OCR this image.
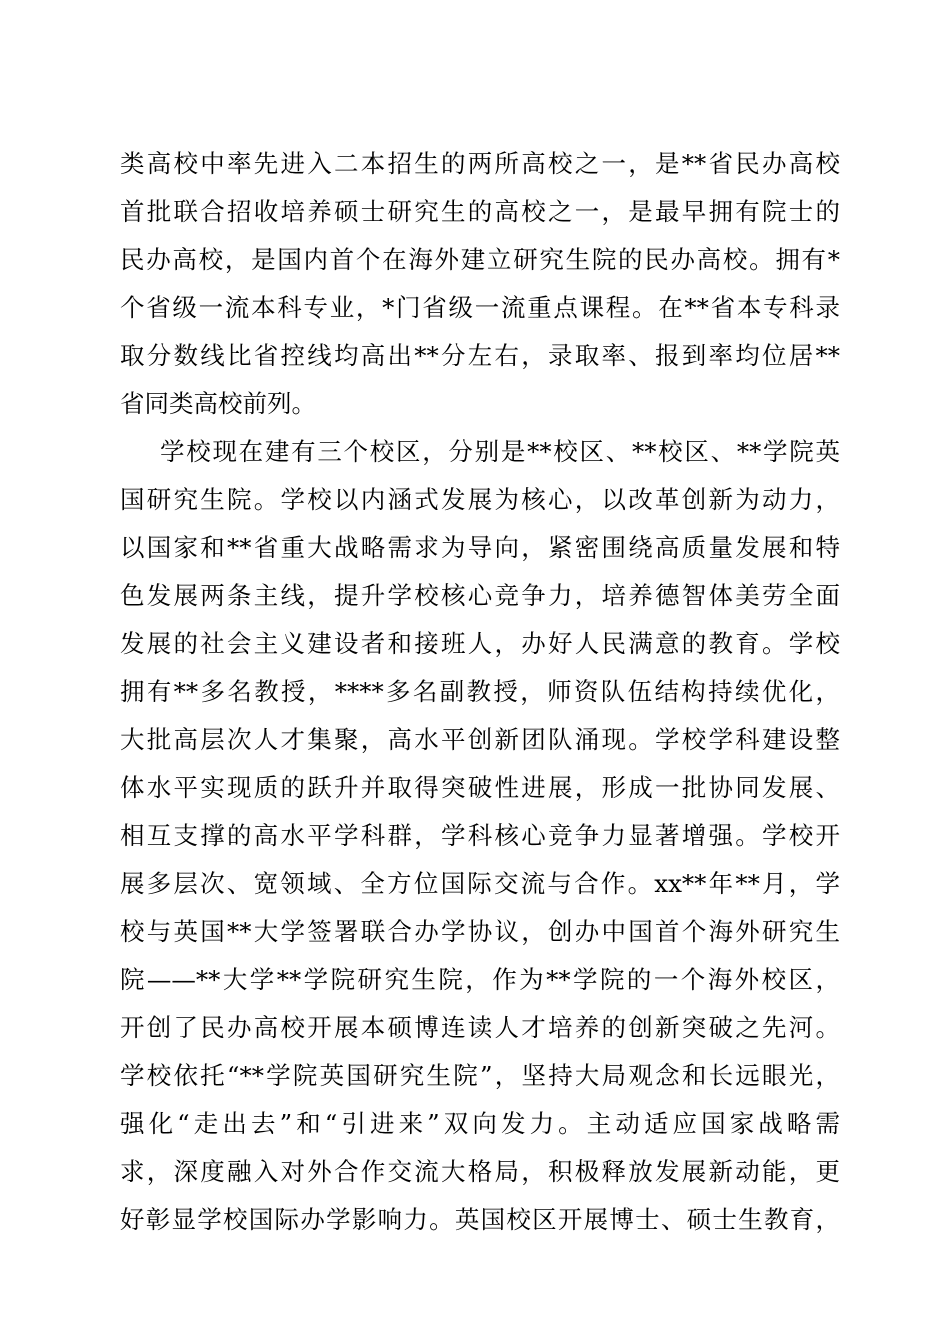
类高校中率先进入二本招生的两所高校之一，是**省民办高校
首批联合招收培养硕士研究生的高校之一，是最早拥有院士的
民办高校，是国内首个在海外建立研究生院的民办高校。拥有*
个省级一流本科专业，*门省级一流重点课程。在**省本专科录
取分数线比省控线均高出**分左右，录取率、报到率均位居**
省同类高校前列。
学校现在建有三个校区，分别是**校区、**校区、**学院英
国研究生院。学校以内涵式发展为核心，以改革创新为动力，
以国家和**省重大战略需求为导向，紧密围绕高质量发展和特
色发展两条主线，提升学校核心竞争力，培养德智体美劳全面
发展的社会主义建设者和接班人，办好人民满意的教育。学校
拥有**多名教授，****多名副教授，师资队伍结构持续优化，
大批高层次人才集聚，高水平创新团队涌现。学校学科建设整
体水平实现质的跃升并取得突破性进展，形成一批协同发展、
相互支撑的高水平学科群，学科核心竞争力显著增强。学校开
展多层次、宽领域、全方位国际交流与合作。xx**年**月，学
校与英国**大学签署联合办学协议，创办中国首个海外研究生
院——**大学**学院研究生院，作为**学院的一个海外校区，
开创了民办高校开展本硕博连读人才培养的创新突破之先河。
学校依托“**学院英国研究生院”，坚持大局观念和长远眼光，
强化“走出去”和“引进来”双向发力。主动适应国家战略需
求，深度融入对外合作交流大格局，积极释放发展新动能，更
好彰显学校国际办学影响力。英国校区开展博士、硕士生教育，
